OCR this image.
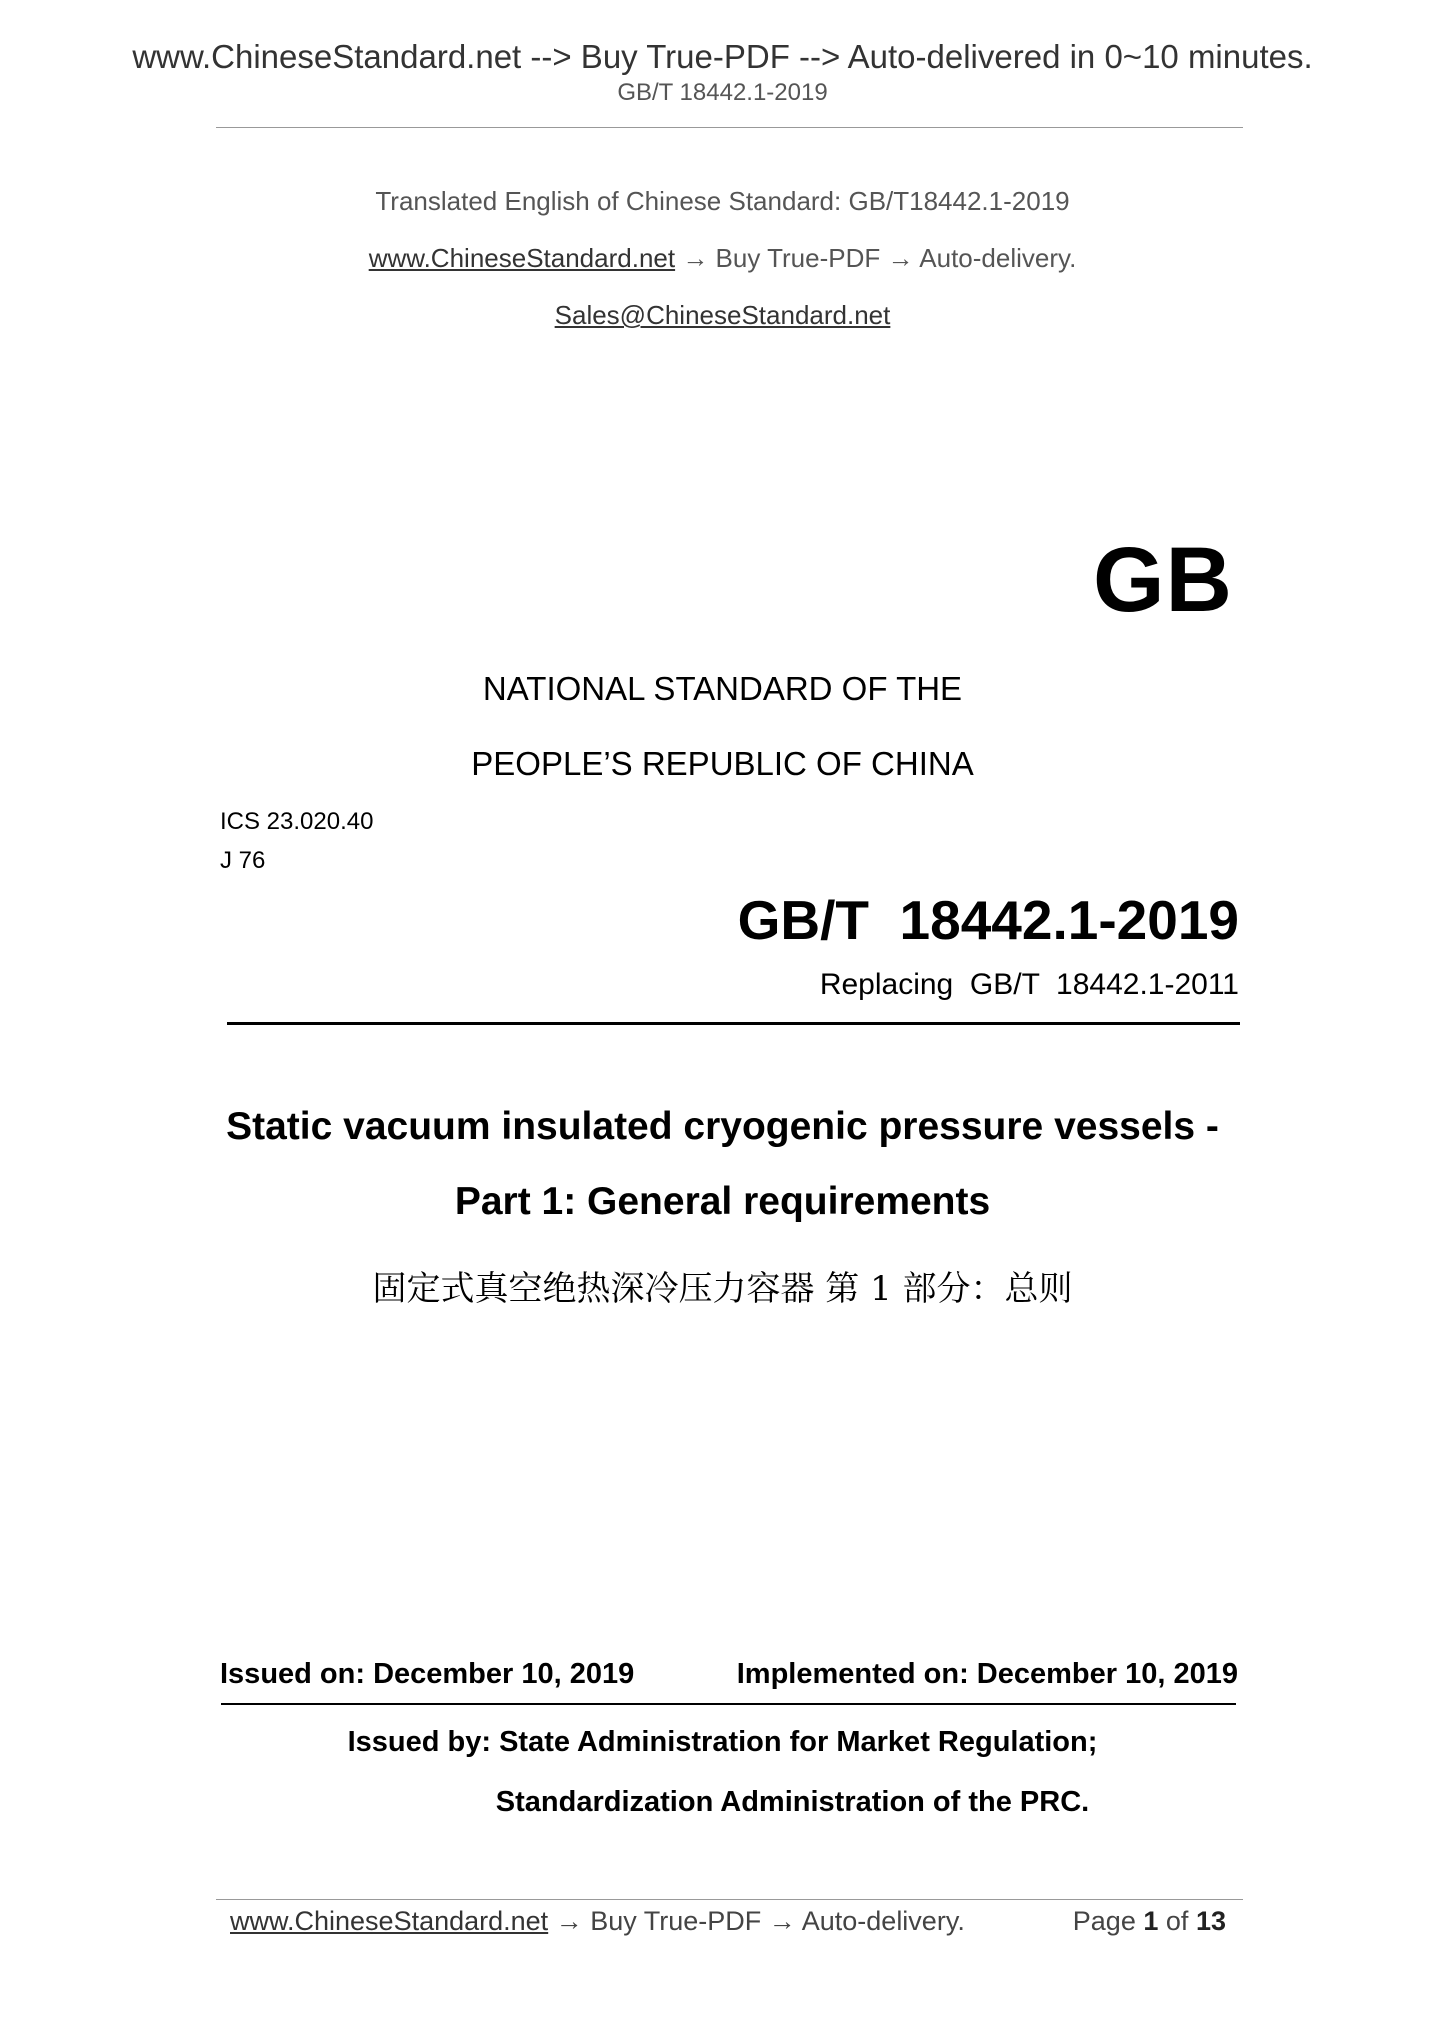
www.ChineseStandard.net --> Buy True-PDF --> Auto-delivered in 0~10 minutes.
GB/T 18442.1-2019
Translated English of Chinese Standard: GB/T18442.1-2019
www.ChineseStandard.net → Buy True-PDF → Auto-delivery.
Sales@ChineseStandard.net
GB
NATIONAL STANDARD OF THE
PEOPLE’S REPUBLIC OF CHINA
ICS 23.020.40
J 76
GB/T  18442.1-2019
Replacing  GB/T  18442.1-2011
Static vacuum insulated cryogenic pressure vessels -
Part 1: General requirements
固定式真空绝热深冷压力容器 第 1 部分：总则
Issued on: December 10, 2019	Implemented on: December 10, 2019
Issued by: State Administration for Market Regulation;
Standardization Administration of the PRC.
www.ChineseStandard.net → Buy True-PDF → Auto-delivery.	Page 1 of 13
